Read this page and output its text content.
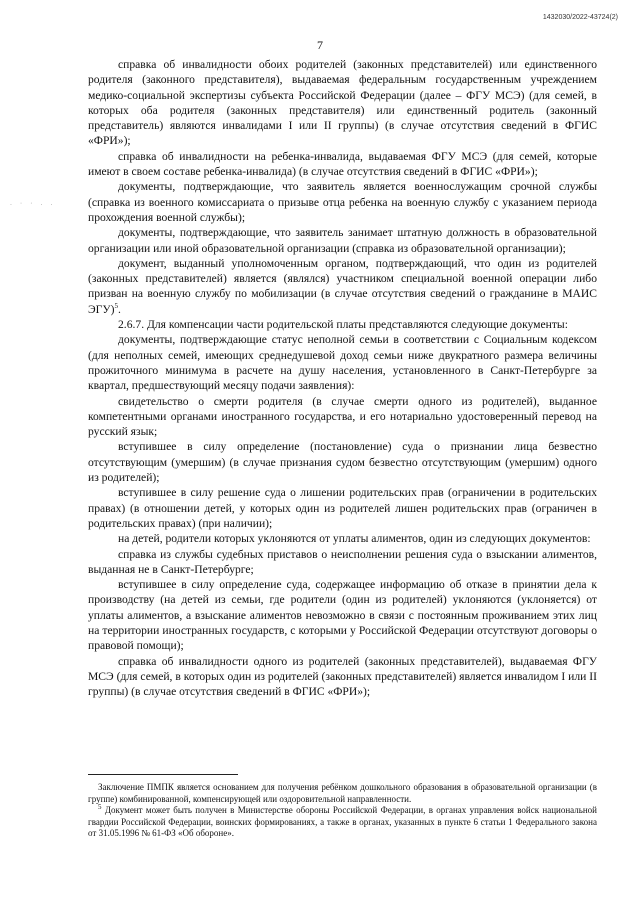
1432030/2022-43724(2)
7
. · · . .

справка об инвалидности обоих родителей (законных представителей) или единственного родителя (законного представителя), выдаваемая федеральным государственным учреждением медико-социальной экспертизы субъекта Российской Федерации (далее – ФГУ МСЭ) (для семей, в которых оба родителя (законных представителя) или единственный родитель (законный представитель) являются инвалидами I или II группы) (в случае отсутствия сведений в ФГИС «ФРИ»);

справка об инвалидности на ребенка-инвалида, выдаваемая ФГУ МСЭ (для семей, которые имеют в своем составе ребенка-инвалида) (в случае отсутствия сведений в ФГИС «ФРИ»);

документы, подтверждающие, что заявитель является военнослужащим срочной службы (справка из военного комиссариата о призыве отца ребенка на военную службу с указанием периода прохождения военной службы);

документы, подтверждающие, что заявитель занимает штатную должность в образовательной организации или иной образовательной организации (справка из образовательной организации);

документ, выданный уполномоченным органом, подтверждающий, что один из родителей (законных представителей) является (являлся) участником специальной военной операции либо призван на военную службу по мобилизации (в случае отсутствия сведений о гражданине в МАИС ЭГУ)$^5$.

2.6.7. Для компенсации части родительской платы представляются следующие документы:

документы, подтверждающие статус неполной семьи в соответствии с Социальным кодексом (для неполных семей, имеющих среднедушевой доход семьи ниже двукратного размера величины прожиточного минимума в расчете на душу населения, установленного в Санкт-Петербурге за квартал, предшествующий месяцу подачи заявления):

свидетельство о смерти родителя (в случае смерти одного из родителей), выданное компетентными органами иностранного государства, и его нотариально удостоверенный перевод на русский язык;

вступившее в силу определение (постановление) суда о признании лица безвестно отсутствующим (умершим) (в случае признания судом безвестно отсутствующим (умершим) одного из родителей);

вступившее в силу решение суда о лишении родительских прав (ограничении в родительских правах) (в отношении детей, у которых один из родителей лишен родительских прав (ограничен в родительских правах) (при наличии);

на детей, родители которых уклоняются от уплаты алиментов, один из следующих документов:

справка из службы судебных приставов о неисполнении решения суда о взыскании алиментов, выданная не в Санкт-Петербурге;

вступившее в силу определение суда, содержащее информацию об отказе в принятии дела к производству (на детей из семьи, где родители (один из родителей) уклоняются (уклоняется) от уплаты алиментов, а взыскание алиментов невозможно в связи с постоянным проживанием этих лиц на территории иностранных государств, с которыми у Российской Федерации отсутствуют договоры о правовой помощи);

справка об инвалидности одного из родителей (законных представителей), выдаваемая ФГУ МСЭ (для семей, в которых один из родителей (законных представителей) является инвалидом I или II группы) (в случае отсутствия сведений в ФГИС «ФРИ»);

Заключение ПМПК является основанием для получения ребёнком дошкольного образования в образовательной организации (в группе) комбинированной, компенсирующей или оздоровительной направленности.

$^5$ Документ может быть получен в Министерстве обороны Российской Федерации, в органах управления войск национальной гвардии Российской Федерации, воинских формированиях, а также в органах, указанных в пункте 6 статьи 1 Федерального закона от 31.05.1996 № 61-ФЗ «Об обороне».
